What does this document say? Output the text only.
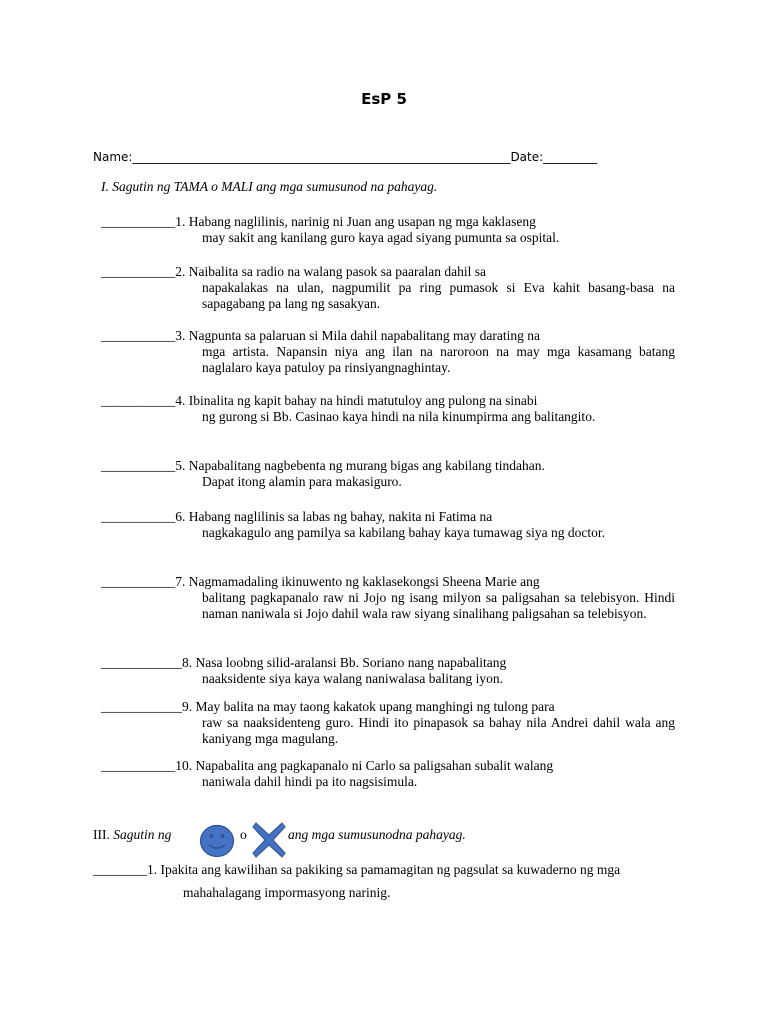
EsP 5
Name:_______________________________________________________________Date:_________
I. Sagutin ng TAMA o MALI ang mga sumusunod na pahayag.
___________1. Habang naglilinis, narinig ni Juan ang usapan ng mga kaklaseng
may sakit ang kanilang guro kaya agad siyang pumunta sa ospital.
___________2. Naibalita sa radio na walang pasok sa paaralan dahil sa
napakalakas na ulan, nagpumilit pa ring pumasok si Eva kahit basang-basa na sapagabang pa lang ng sasakyan.
___________3. Nagpunta sa palaruan si Mila dahil napabalitang may darating na
mga artista. Napansin niya ang ilan na naroroon na may mga kasamang batang naglalaro kaya patuloy pa rinsiyangnaghintay.
___________4. Ibinalita ng kapit bahay na hindi matutuloy ang pulong na sinabi
ng gurong si Bb. Casinao kaya hindi na nila kinumpirma ang balitangito.
___________5. Napabalitang nagbebenta ng murang bigas ang kabilang tindahan.
Dapat itong alamin para makasiguro.
___________6. Habang naglilinis sa labas ng bahay, nakita ni Fatima na
nagkakagulo ang pamilya sa kabilang bahay kaya tumawag siya ng doctor.
___________7. Nagmamadaling ikinuwento ng kaklasekongsi Sheena Marie ang
balitang pagkapanalo raw ni Jojo ng isang milyon sa paligsahan sa telebisyon. Hindi naman naniwala si Jojo dahil wala raw siyang sinalihang paligsahan sa telebisyon.
____________8. Nasa loobng silid-aralansi Bb. Soriano nang napabalitang
naaksidente siya kaya walang naniwalasa balitang iyon.
____________9. May balita na may taong kakatok upang manghingi ng tulong para
raw sa naaksidenteng guro. Hindi ito pinapasok sa bahay nila Andrei dahil wala ang kaniyang mga magulang.
___________10. Napabalita ang pagkapanalo ni Carlo sa paligsahan subalit walang
naniwala dahil hindi pa ito nagsisimula.
III. Sagutin ng	o	ang mga sumusunodna pahayag.
________1. Ipakita ang kawilihan sa pakiking sa pamamagitan ng pagsulat sa kuwaderno ng mga
mahahalagang impormasyong narinig.
